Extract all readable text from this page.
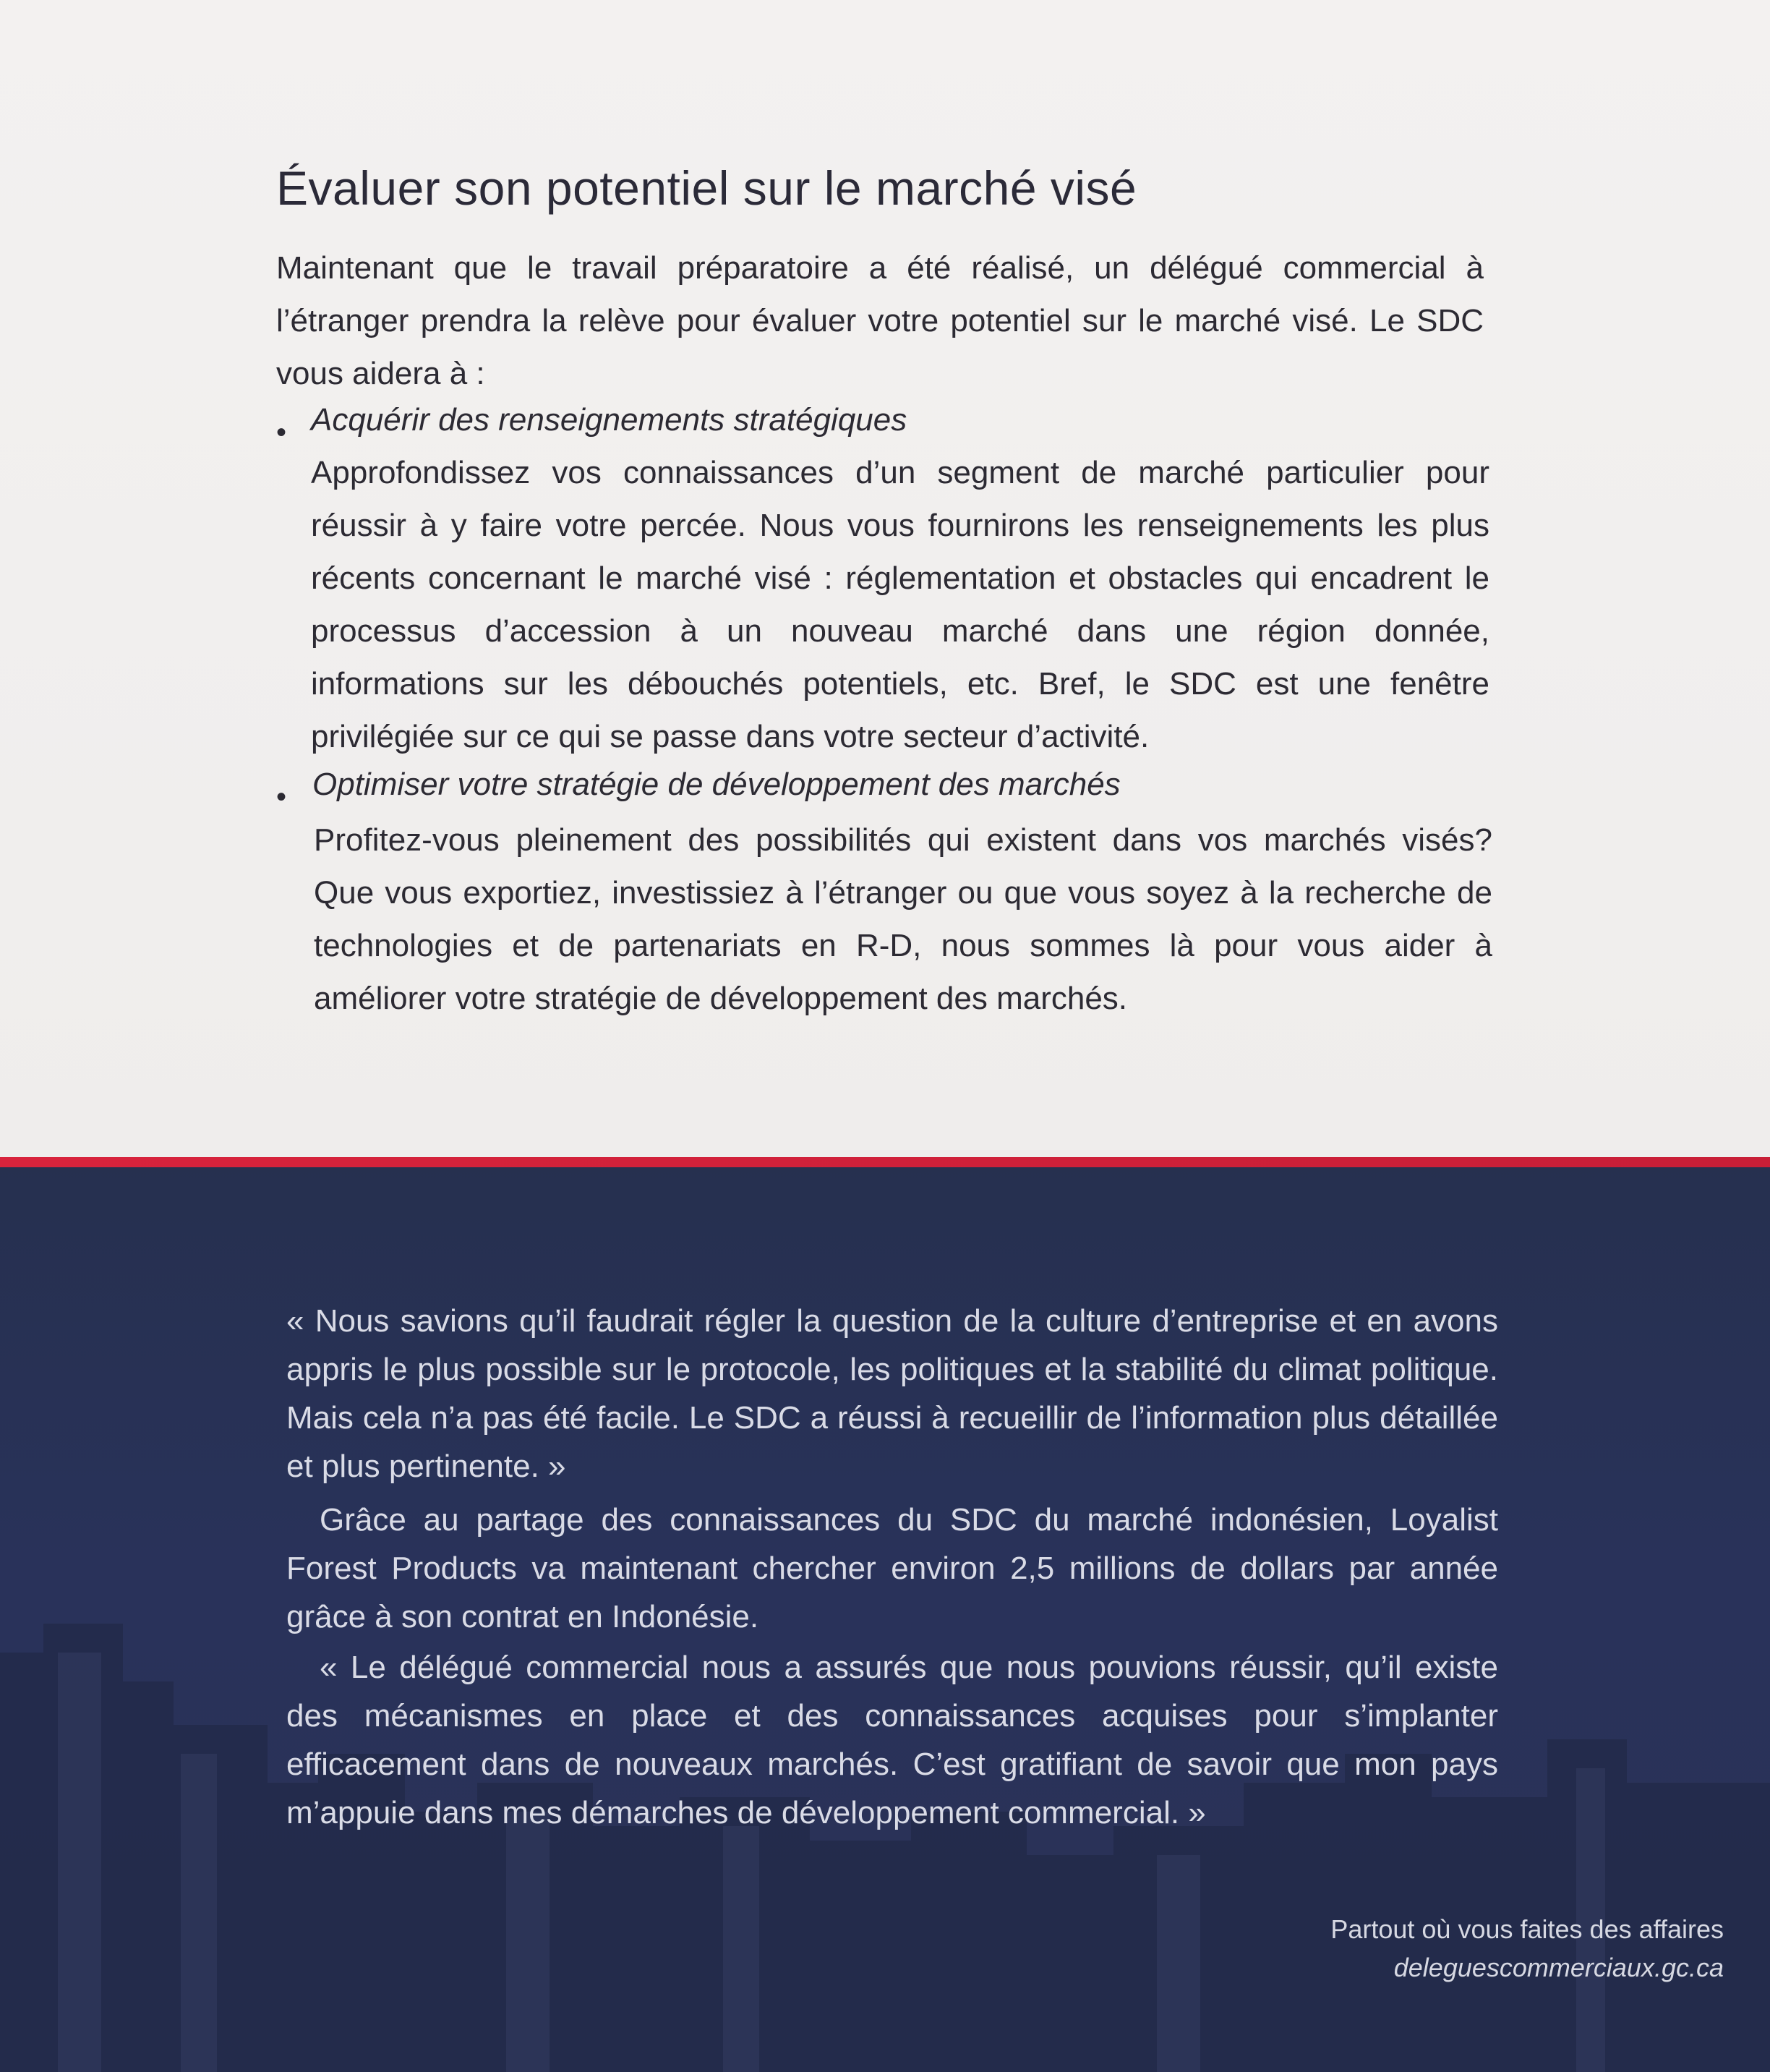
Évaluer son potentiel sur le marché visé

Maintenant que le travail préparatoire a été réalisé, un délégué commercial à l’étranger prendra la relève pour évaluer votre potentiel sur le marché visé. Le SDC vous aidera à :

• Acquérir des renseignements stratégiques

Approfondissez vos connaissances d’un segment de marché particulier pour réussir à y faire votre percée. Nous vous fournirons les renseignements les plus récents concernant le marché visé : réglementation et obstacles qui encadrent le processus d’accession à un nouveau marché dans une région donnée, informations sur les débouchés potentiels, etc. Bref, le SDC est une fenêtre privilégiée sur ce qui se passe dans votre secteur d’activité.

• Optimiser votre stratégie de développement des marchés

Profitez-vous pleinement des possibilités qui existent dans vos marchés visés? Que vous exportiez, investissiez à l’étranger ou que vous soyez à la recherche de technologies et de partenariats en R-D, nous sommes là pour vous aider à améliorer votre stratégie de développement des marchés.

« Nous savions qu’il faudrait régler la question de la culture d’entreprise et en avons appris le plus possible sur le protocole, les politiques et la stabilité du climat politique. Mais cela n’a pas été facile. Le SDC a réussi à recueillir de l’information plus détaillée et plus pertinente. »

Grâce au partage des connaissances du SDC du marché indonésien, Loyalist Forest Products va maintenant chercher environ 2,5 millions de dollars par année grâce à son contrat en Indonésie.

« Le délégué commercial nous a assurés que nous pouvions réussir, qu’il existe des mécanismes en place et des connaissances acquises pour s’implanter efficacement dans de nouveaux marchés. C’est gratifiant de savoir que mon pays m’appuie dans mes démarches de développement commercial. »

Partout où vous faites des affaires

deleguescommerciaux.gc.ca
